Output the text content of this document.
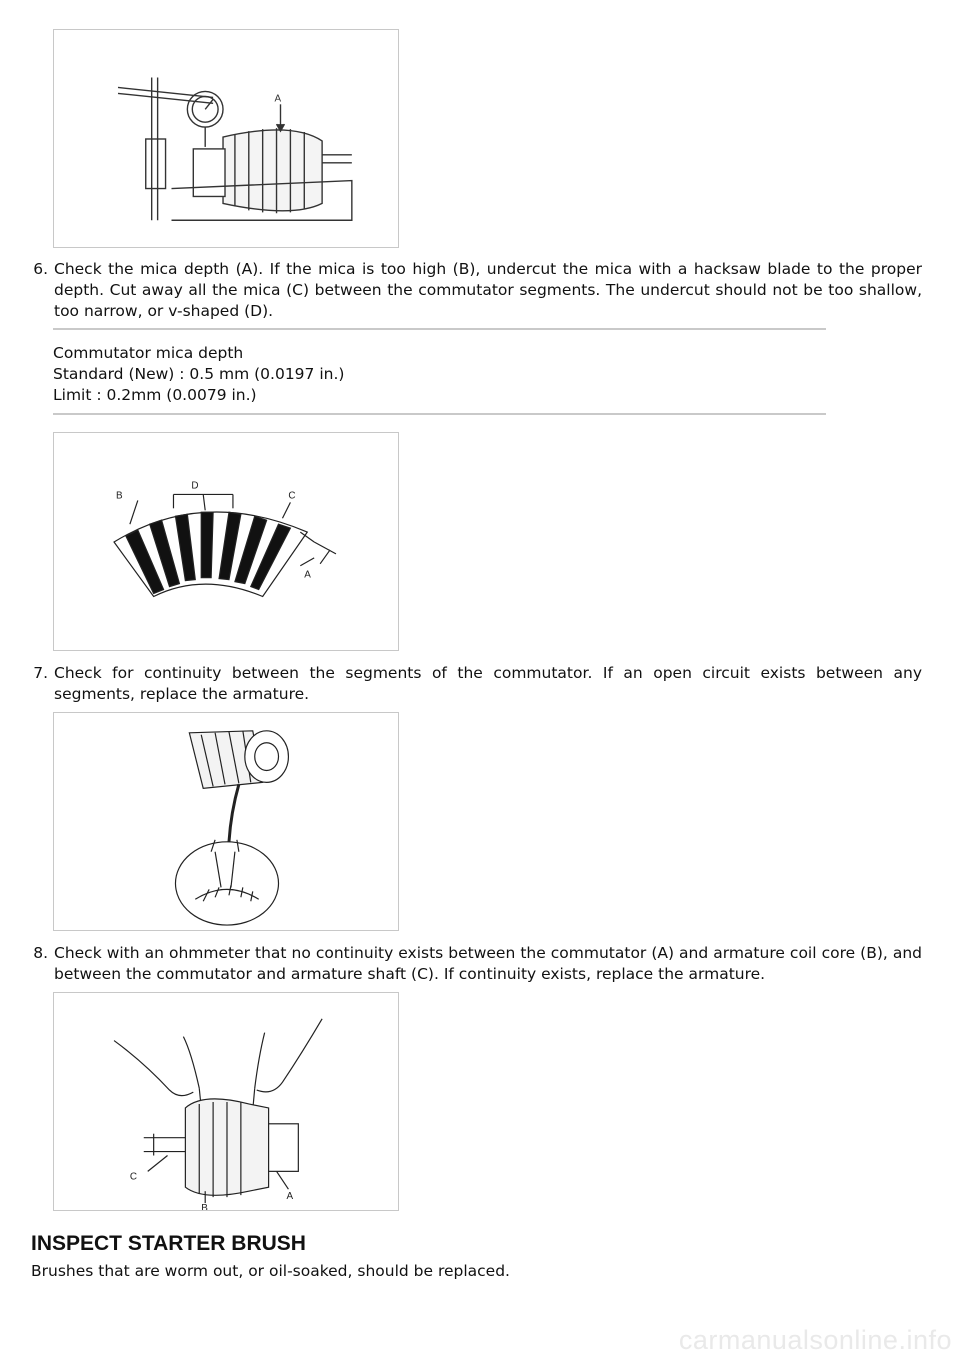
A
6. Check the mica depth (A). If the mica is too high (B), undercut the mica with a hacksaw blade to the proper depth. Cut away all the mica (C) between the commutator segments. The undercut should not be too shallow, too narrow, or v-shaped (D).
Commutator mica depth
Standard (New) : 0.5 mm (0.0197 in.)
Limit : 0.2mm (0.0079 in.)
B
D
C
A
7. Check for continuity between the segments of the commutator. If an open circuit exists between any segments, replace the armature.
8. Check with an ohmmeter that no continuity exists between the commutator (A) and armature coil core (B), and between the commutator and armature shaft (C). If continuity exists, replace the armature.
C
B
A
INSPECT STARTER BRUSH
Brushes that are worm out, or oil-soaked, should be replaced.
carmanualsonline.info
